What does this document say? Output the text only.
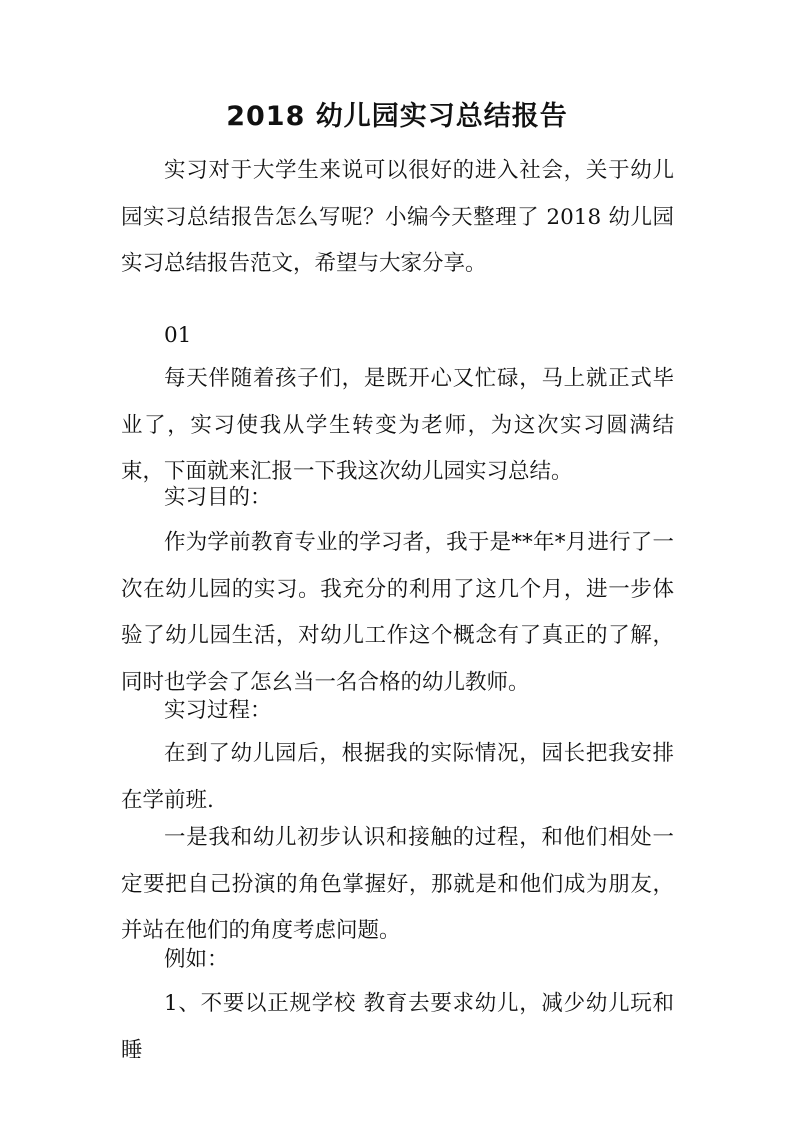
2018 幼儿园实习总结报告
实习对于大学生来说可以很好的进入社会，关于幼儿园实习总结报告怎么写呢？小编今天整理了 2018 幼儿园实习总结报告范文，希望与大家分享。
01
每天伴随着孩子们，是既开心又忙碌，马上就正式毕业了，实习使我从学生转变为老师，为这次实习圆满结束，下面就来汇报一下我这次幼儿园实习总结。
实习目的：
作为学前教育专业的学习者，我于是**年*月进行了一次在幼儿园的实习。我充分的利用了这几个月，进一步体验了幼儿园生活，对幼儿工作这个概念有了真正的了解，同时也学会了怎幺当一名合格的幼儿教师。
实习过程：
在到了幼儿园后，根据我的实际情况，园长把我安排在学前班.
一是我和幼儿初步认识和接触的过程，和他们相处一定要把自己扮演的角色掌握好，那就是和他们成为朋友，并站在他们的角度考虑问题。
例如：
1、不要以正规学校 教育去要求幼儿，减少幼儿玩和睡
